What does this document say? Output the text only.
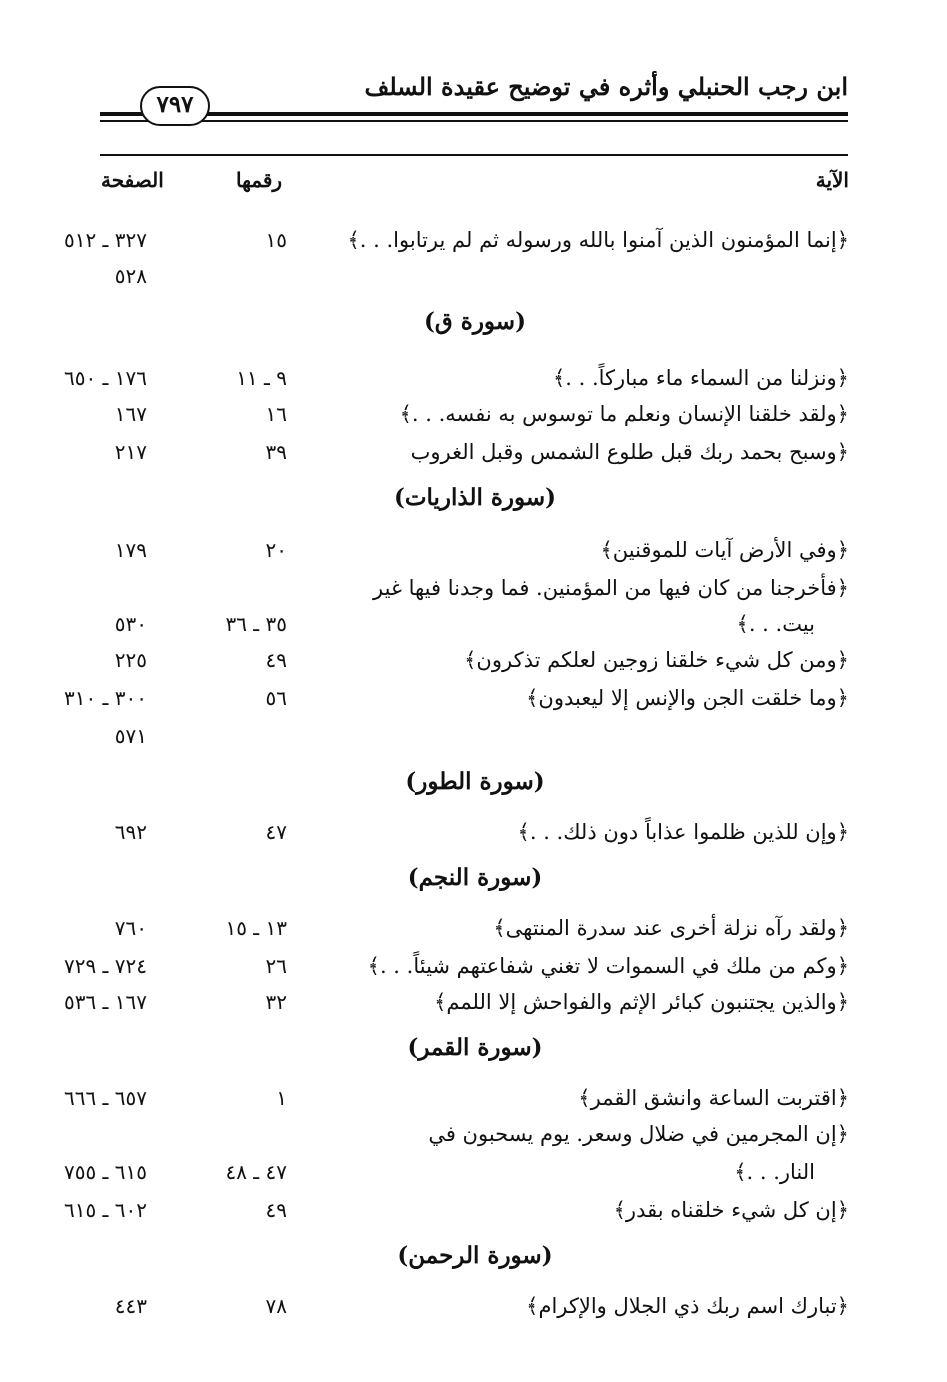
ابن رجب الحنبلي وأثره في توضيح عقيدة السلف
٧٩٧
الآية
رقمها
الصفحة
﴿إنما المؤمنون الذين آمنوا بالله ورسوله ثم لم يرتابوا. . .﴾
١٥
٣٢٧ ـ ٥١٢
٥٢٨
(سورة ق)
﴿ونزلنا من السماء ماء مباركاً. . .﴾
٩ ـ ١١
١٧٦ ـ ٦٥٠
﴿ولقد خلقنا الإنسان ونعلم ما توسوس به نفسه. . .﴾
١٦
١٦٧
﴿وسبح بحمد ربك قبل طلوع الشمس وقبل الغروب
٣٩
٢١٧
(سورة الذاريات)
﴿وفي الأرض آيات للموقنين﴾
٢٠
١٧٩
﴿فأخرجنا من كان فيها من المؤمنين. فما وجدنا فيها غير
بيت. . .﴾
٣٥ ـ ٣٦
٥٣٠
﴿ومن كل شيء خلقنا زوجين لعلكم تذكرون﴾
٤٩
٢٢٥
﴿وما خلقت الجن والإنس إلا ليعبدون﴾
٥٦
٣٠٠ ـ ٣١٠
٥٧١
(سورة الطور)
﴿وإن للذين ظلموا عذاباً دون ذلك. . .﴾
٤٧
٦٩٢
(سورة النجم)
﴿ولقد رآه نزلة أخرى عند سدرة المنتهى﴾
١٣ ـ ١٥
٧٦٠
﴿وكم من ملك في السموات لا تغني شفاعتهم شيئاً. . .﴾
٢٦
٧٢٤ ـ ٧٢٩
﴿والذين يجتنبون كبائر الإثم والفواحش إلا اللمم﴾
٣٢
١٦٧ ـ ٥٣٦
(سورة القمر)
﴿اقتربت الساعة وانشق القمر﴾
١
٦٥٧ ـ ٦٦٦
﴿إن المجرمين في ضلال وسعر. يوم يسحبون في
النار. . .﴾
٤٧ ـ ٤٨
٦١٥ ـ ٧٥٥
﴿إن كل شيء خلقناه بقدر﴾
٤٩
٦٠٢ ـ ٦١٥
(سورة الرحمن)
﴿تبارك اسم ربك ذي الجلال والإكرام﴾
٧٨
٤٤٣
